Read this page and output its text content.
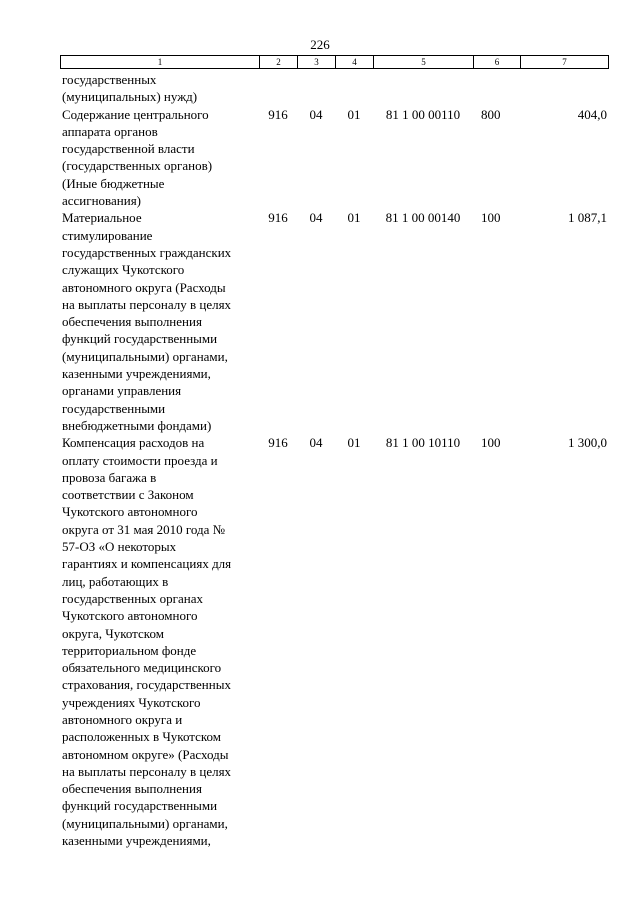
226
1	2	3	4	5	6	7
государственных
(муниципальных) нужд)
Содержание центрального
аппарата органов
государственной власти
(государственных органов)
(Иные бюджетные
ассигнования)
916	04	01	81 1 00 00110	800	404,0
Материальное
стимулирование
государственных гражданских
служащих Чукотского
автономного округа (Расходы
на выплаты персоналу в целях
обеспечения выполнения
функций государственными
(муниципальными) органами,
казенными учреждениями,
органами управления
государственными
внебюджетными фондами)
916	04	01	81 1 00 00140	100	1 087,1
Компенсация расходов на
оплату стоимости проезда и
провоза багажа в
соответствии с Законом
Чукотского автономного
округа от 31 мая 2010 года №
57-ОЗ «О некоторых
гарантиях и компенсациях для
лиц, работающих в
государственных органах
Чукотского автономного
округа, Чукотском
территориальном фонде
обязательного медицинского
страхования, государственных
учреждениях Чукотского
автономного округа и
расположенных в Чукотском
автономном округе» (Расходы
на выплаты персоналу в целях
обеспечения выполнения
функций государственными
(муниципальными) органами,
казенными учреждениями,
916	04	01	81 1 00 10110	100	1 300,0
